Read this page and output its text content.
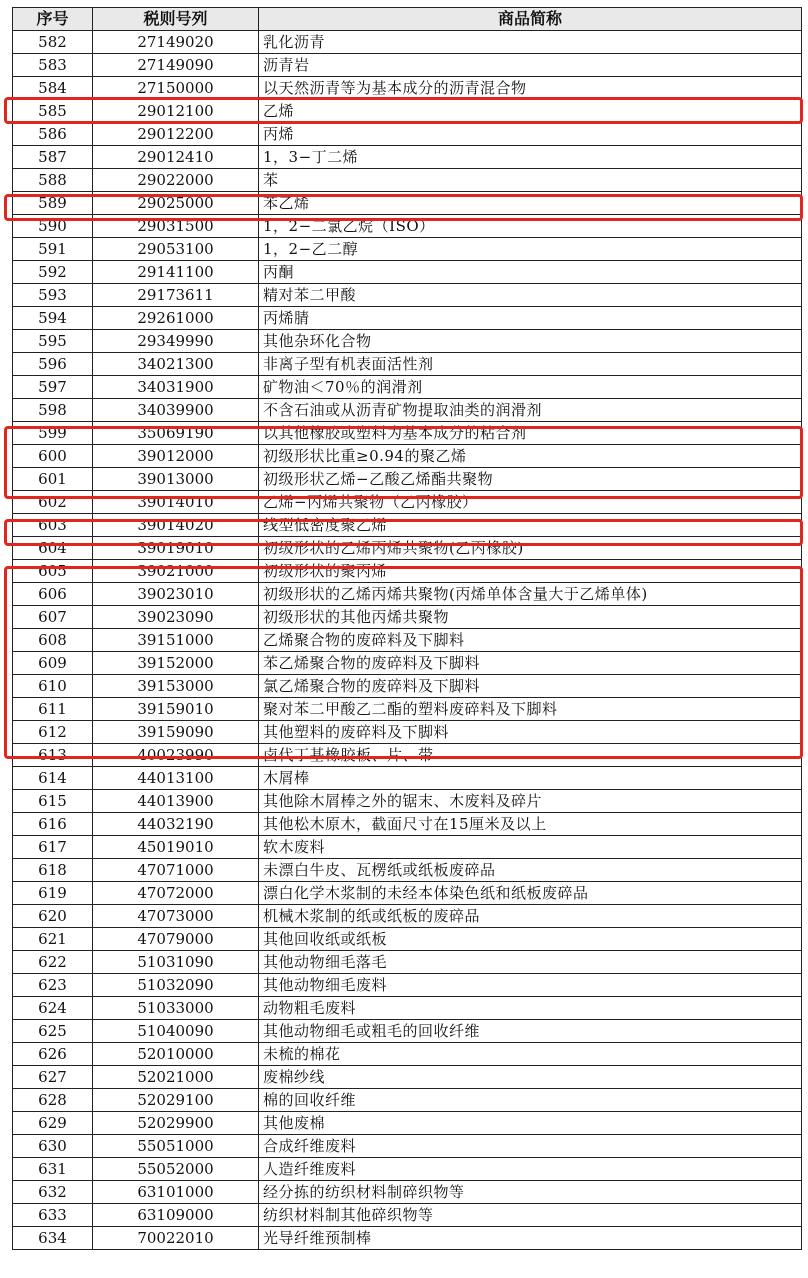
序号	税则号列	商品简称
582	27149020	乳化沥青
583	27149090	沥青岩
584	27150000	以天然沥青等为基本成分的沥青混合物
585	29012100	乙烯
586	29012200	丙烯
587	29012410	1，3−丁二烯
588	29022000	苯
589	29025000	苯乙烯
590	29031500	1，2−二氯乙烷（ISO）
591	29053100	1，2−乙二醇
592	29141100	丙酮
593	29173611	精对苯二甲酸
594	29261000	丙烯腈
595	29349990	其他杂环化合物
596	34021300	非离子型有机表面活性剂
597	34031900	矿物油＜70％的润滑剂
598	34039900	不含石油或从沥青矿物提取油类的润滑剂
599	35069190	以其他橡胶或塑料为基本成分的粘合剂
600	39012000	初级形状比重≥0.94的聚乙烯
601	39013000	初级形状乙烯−乙酸乙烯酯共聚物
602	39014010	乙烯−丙烯共聚物（乙丙橡胶）
603	39014020	线型低密度聚乙烯
604	39019010	初级形状的乙烯丙烯共聚物(乙丙橡胶)
605	39021000	初级形状的聚丙烯
606	39023010	初级形状的乙烯丙烯共聚物(丙烯单体含量大于乙烯单体)
607	39023090	初级形状的其他丙烯共聚物
608	39151000	乙烯聚合物的废碎料及下脚料
609	39152000	苯乙烯聚合物的废碎料及下脚料
610	39153000	氯乙烯聚合物的废碎料及下脚料
611	39159010	聚对苯二甲酸乙二酯的塑料废碎料及下脚料
612	39159090	其他塑料的废碎料及下脚料
613	40023990	卤代丁基橡胶板、片、带
614	44013100	木屑棒
615	44013900	其他除木屑棒之外的锯末、木废料及碎片
616	44032190	其他松木原木，截面尺寸在15厘米及以上
617	45019010	软木废料
618	47071000	未漂白牛皮、瓦楞纸或纸板废碎品
619	47072000	漂白化学木浆制的未经本体染色纸和纸板废碎品
620	47073000	机械木浆制的纸或纸板的废碎品
621	47079000	其他回收纸或纸板
622	51031090	其他动物细毛落毛
623	51032090	其他动物细毛废料
624	51033000	动物粗毛废料
625	51040090	其他动物细毛或粗毛的回收纤维
626	52010000	未梳的棉花
627	52021000	废棉纱线
628	52029100	棉的回收纤维
629	52029900	其他废棉
630	55051000	合成纤维废料
631	55052000	人造纤维废料
632	63101000	经分拣的纺织材料制碎织物等
633	63109000	纺织材料制其他碎织物等
634	70022010	光导纤维预制棒
